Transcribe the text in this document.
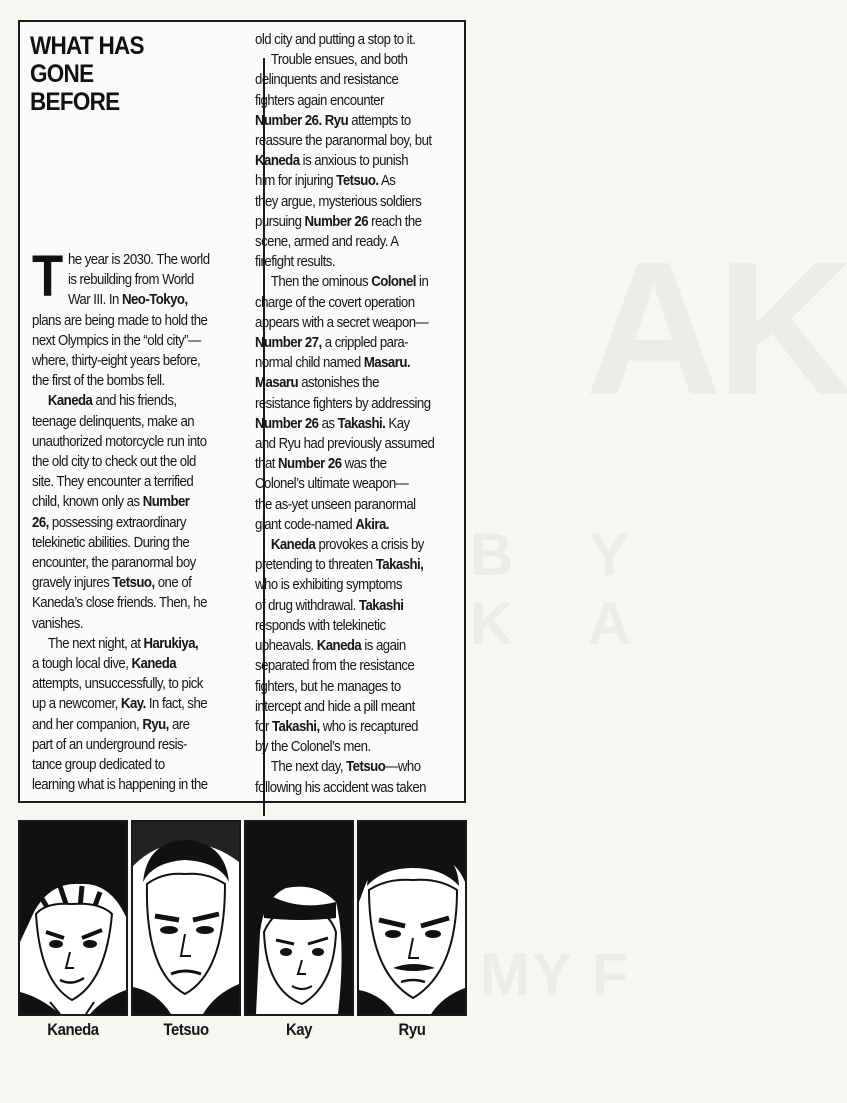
AK
B Y K A
MY F
WHAT HAS
GONE
BEFORE

The year is 2030. The world
is rebuilding from World
War III. In Neo-Tokyo,
plans are being made to hold the
next Olympics in the “old city”—
where, thirty-eight years before,
the first of the bombs fell.

Kaneda and his friends,
teenage delinquents, make an
unauthorized motorcycle run into
the old city to check out the old
site. They encounter a terrified
child, known only as Number
26, possessing extraordinary
telekinetic abilities. During the
encounter, the paranormal boy
gravely injures Tetsuo, one of
Kaneda’s close friends. Then, he
vanishes.

The next night, at Harukiya,
a tough local dive, Kaneda
attempts, unsuccessfully, to pick
up a newcomer, Kay. In fact, she
and her companion, Ryu, are
part of an underground resis-
tance group dedicated to
learning what is happening in the

old city and putting a stop to it.

Trouble ensues, and both
delinquents and resistance
fighters again encounter
Number 26. Ryu attempts to
reassure the paranormal boy, but
Kaneda is anxious to punish
him for injuring Tetsuo. As
they argue, mysterious soldiers
pursuing Number 26 reach the
scene, armed and ready. A
firefight results.

Then the ominous Colonel in
charge of the covert operation
appears with a secret weapon—
Number 27, a crippled para-
normal child named Masaru.
Masaru astonishes the
resistance fighters by addressing
Number 26 as Takashi. Kay
and Ryu had previously assumed
that Number 26 was the
Colonel’s ultimate weapon—
the as-yet unseen paranormal
giant code-named Akira.

Kaneda provokes a crisis by
pretending to threaten Takashi,
who is exhibiting symptoms
of drug withdrawal. Takashi
responds with telekinetic
upheavals. Kaneda is again
separated from the resistance
fighters, but he manages to
intercept and hide a pill meant
for Takashi, who is recaptured
by the Colonel’s men.

The next day, Tetsuo—who
following his accident was taken

Kaneda	Tetsuo	Kay	Ryu
